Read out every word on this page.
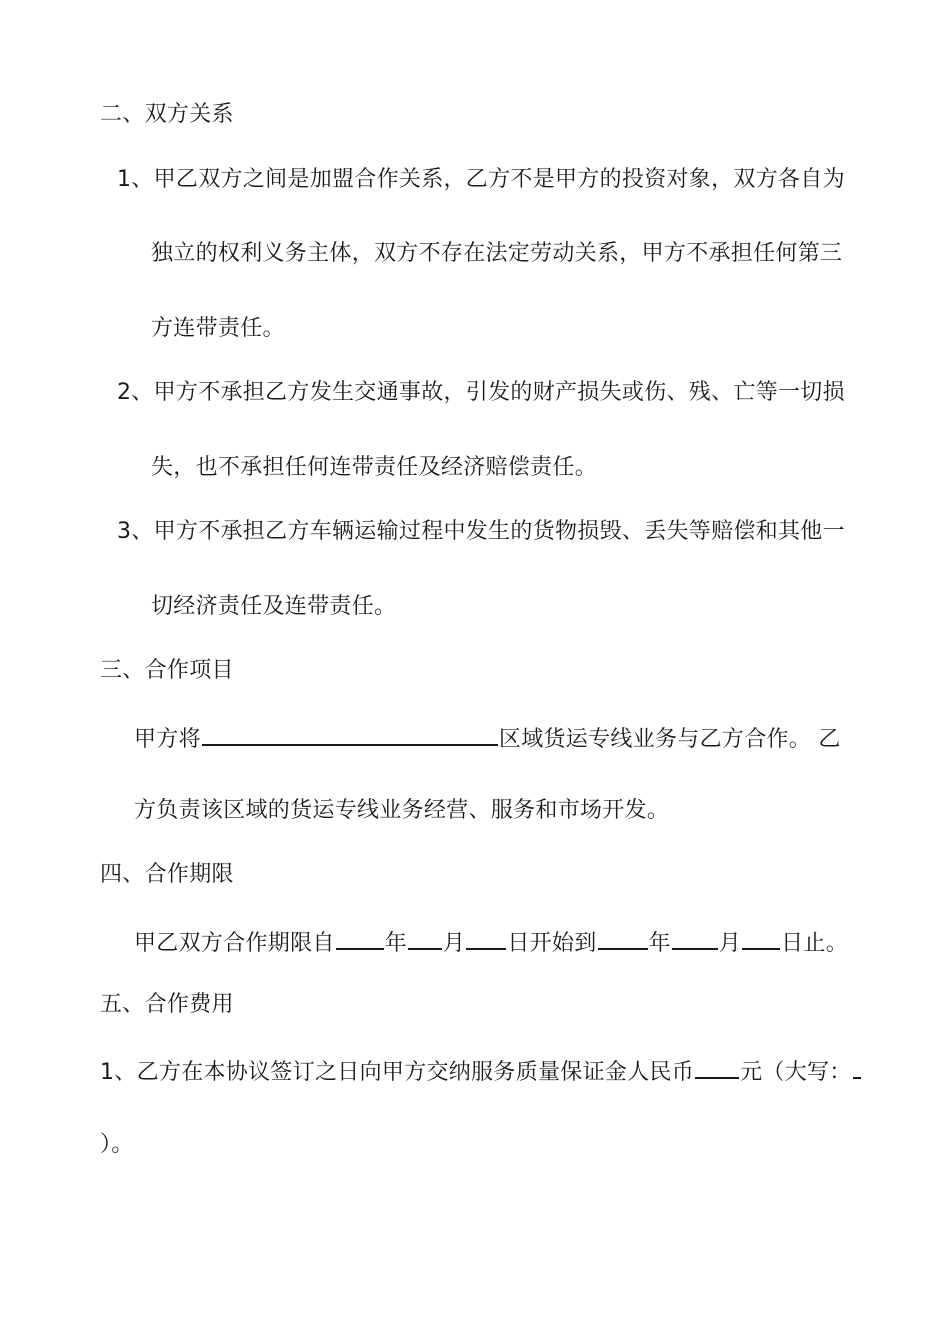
二、双方关系

1、甲乙双方之间是加盟合作关系，乙方不是甲方的投资对象，双方各自为

独立的权利义务主体，双方不存在法定劳动关系，甲方不承担任何第三

方连带责任。

2、甲方不承担乙方发生交通事故，引发的财产损失或伤、残、亡等一切损

失，也不承担任何连带责任及经济赔偿责任。

3、甲方不承担乙方车辆运输过程中发生的货物损毁、丢失等赔偿和其他一

切经济责任及连带责任。

三、合作项目

甲方将	区域货运专线业务与乙方合作。 乙

方负责该区域的货运专线业务经营、服务和市场开发。

四、合作期限

甲乙双方合作期限自 年 月 日开始到 年 月 日止。

五、合作费用

1、乙方在本协议签订之日向甲方交纳服务质量保证金人民币 元（大写：

）。
